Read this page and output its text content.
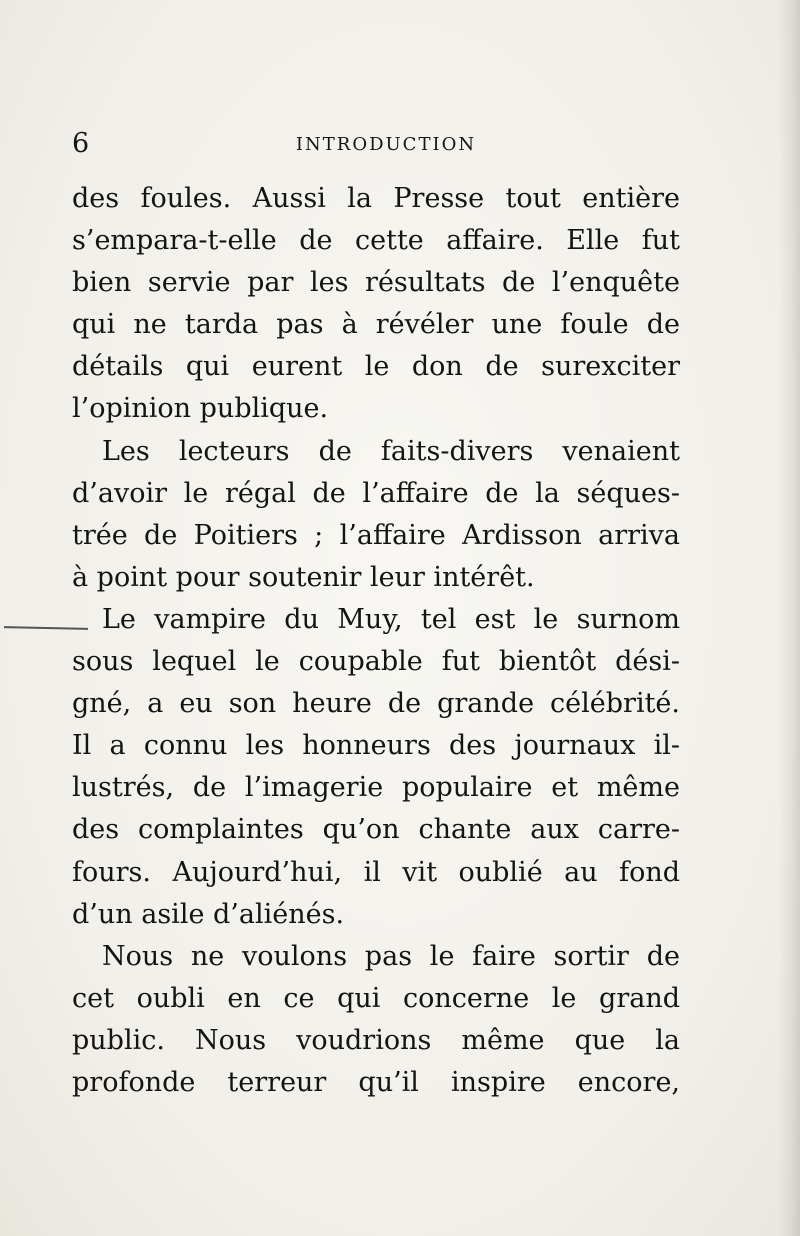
6	INTRODUCTION
des foules. Aussi la Presse tout entière
s’empara-t-elle de cette affaire. Elle fut
bien servie par les résultats de l’enquête
qui ne tarda pas à révéler une foule de
détails qui eurent le don de surexciter
l’opinion publique.
Les lecteurs de faits-divers venaient
d’avoir le régal de l’affaire de la séques-
trée de Poitiers ; l’affaire Ardisson arriva
à point pour soutenir leur intérêt.
Le vampire du Muy, tel est le surnom
sous lequel le coupable fut bientôt dési-
gné, a eu son heure de grande célébrité.
Il a connu les honneurs des journaux il-
lustrés, de l’imagerie populaire et même
des complaintes qu’on chante aux carre-
fours. Aujourd’hui, il vit oublié au fond
d’un asile d’aliénés.
Nous ne voulons pas le faire sortir de
cet oubli en ce qui concerne le grand
public. Nous voudrions même que la
profonde terreur qu’il inspire encore,
